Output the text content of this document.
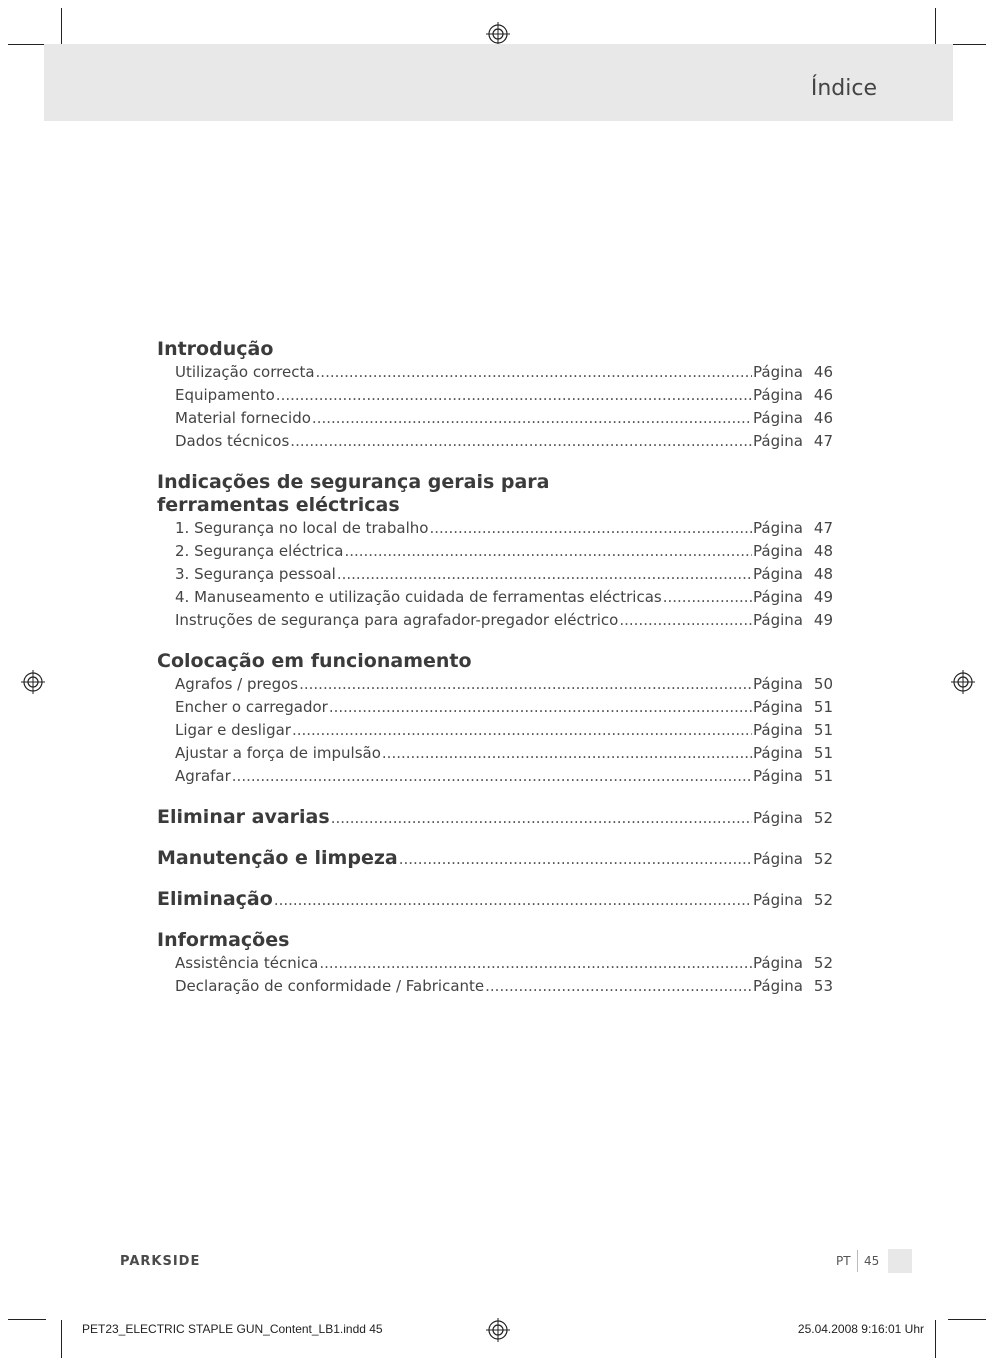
Índice
Introdução
Utilização correcta .....	Página 46
Equipamento .....	Página 46
Material fornecido .....	Página 46
Dados técnicos .....	Página 47
Indicações de segurança gerais para
ferramentas eléctricas
1. Segurança no local de trabalho .....	Página 47
2. Segurança eléctrica .....	Página 48
3. Segurança pessoal .....	Página 48
4. Manuseamento e utilização cuidada de ferramentas eléctricas .....	Página 49
Instruções de segurança para agrafador-pregador eléctrico .....	Página 49
Colocação em funcionamento
Agrafos / pregos .....	Página 50
Encher o carregador .....	Página 51
Ligar e desligar .....	Página 51
Ajustar a força de impulsão .....	Página 51
Agrafar .....	Página 51
Eliminar avarias .....	Página 52
Manutenção e limpeza .....	Página 52
Eliminação .....	Página 52
Informações
Assistência técnica .....	Página 52
Declaração de conformidade / Fabricante .....	Página 53
PARKSIDE	PT 45
PET23_ELECTRIC STAPLE GUN_Content_LB1.indd 45	25.04.2008 9:16:01 Uhr
